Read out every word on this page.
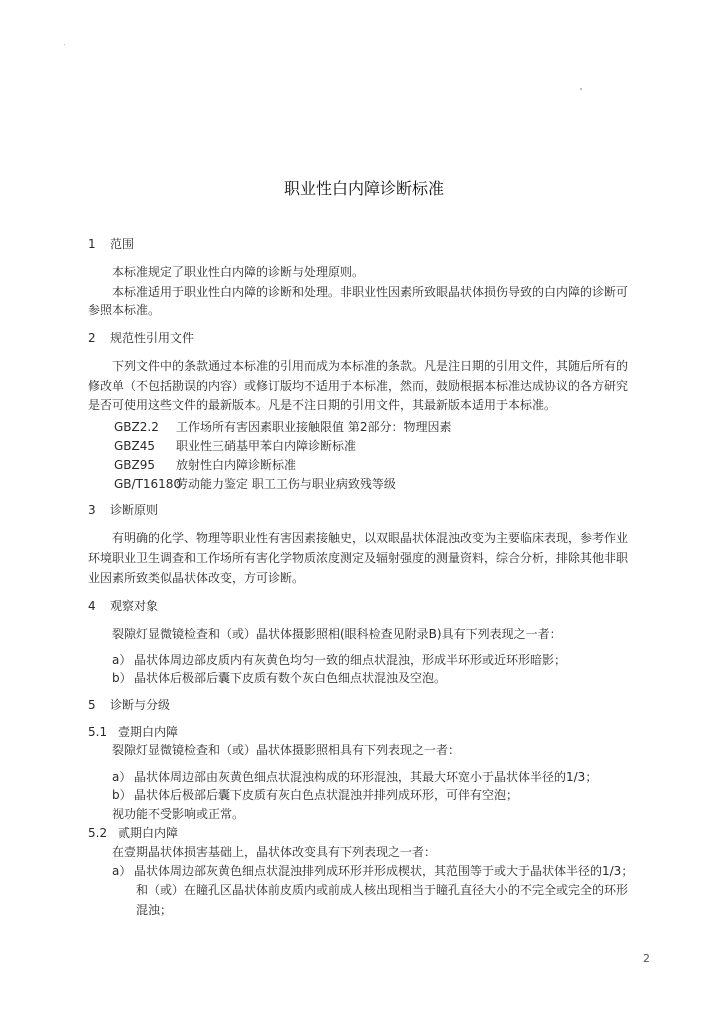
职业性白内障诊断标准
1 范围
本标准规定了职业性白内障的诊断与处理原则。
本标准适用于职业性白内障的诊断和处理。非职业性因素所致眼晶状体损伤导致的白内障的诊断可
参照本标准。
2 规范性引用文件
下列文件中的条款通过本标准的引用而成为本标准的条款。凡是注日期的引用文件，其随后所有的
修改单（不包括勘误的内容）或修订版均不适用于本标准，然而，鼓励根据本标准达成协议的各方研究
是否可使用这些文件的最新版本。凡是不注日期的引用文件，其最新版本适用于本标准。
GBZ2.2 工作场所有害因素职业接触限值 第2部分：物理因素
GBZ45 职业性三硝基甲苯白内障诊断标准
GBZ95 放射性白内障诊断标准
GB/T16180劳动能力鉴定 职工工伤与职业病致残等级
3 诊断原则
有明确的化学、物理等职业性有害因素接触史，以双眼晶状体混浊改变为主要临床表现，参考作业
环境职业卫生调查和工作场所有害化学物质浓度测定及辐射强度的测量资料，综合分析，排除其他非职
业因素所致类似晶状体改变，方可诊断。
4 观察对象
裂隙灯显微镜检查和（或）晶状体摄影照相(眼科检查见附录B)具有下列表现之一者：
a） 晶状体周边部皮质内有灰黄色均匀一致的细点状混浊，形成半环形或近环形暗影；
b） 晶状体后极部后囊下皮质有数个灰白色细点状混浊及空泡。
5 诊断与分级
5.1 壹期白内障
裂隙灯显微镜检查和（或）晶状体摄影照相具有下列表现之一者：
a） 晶状体周边部由灰黄色细点状混浊构成的环形混浊，其最大环宽小于晶状体半径的1/3；
b） 晶状体后极部后囊下皮质有灰白色点状混浊并排列成环形，可伴有空泡；
视功能不受影响或正常。
5.2 贰期白内障
在壹期晶状体损害基础上，晶状体改变具有下列表现之一者：
a） 晶状体周边部灰黄色细点状混浊排列成环形并形成楔状，其范围等于或大于晶状体半径的1/3；
和（或）在瞳孔区晶状体前皮质内或前成人核出现相当于瞳孔直径大小的不完全或完全的环形
混浊；
2
